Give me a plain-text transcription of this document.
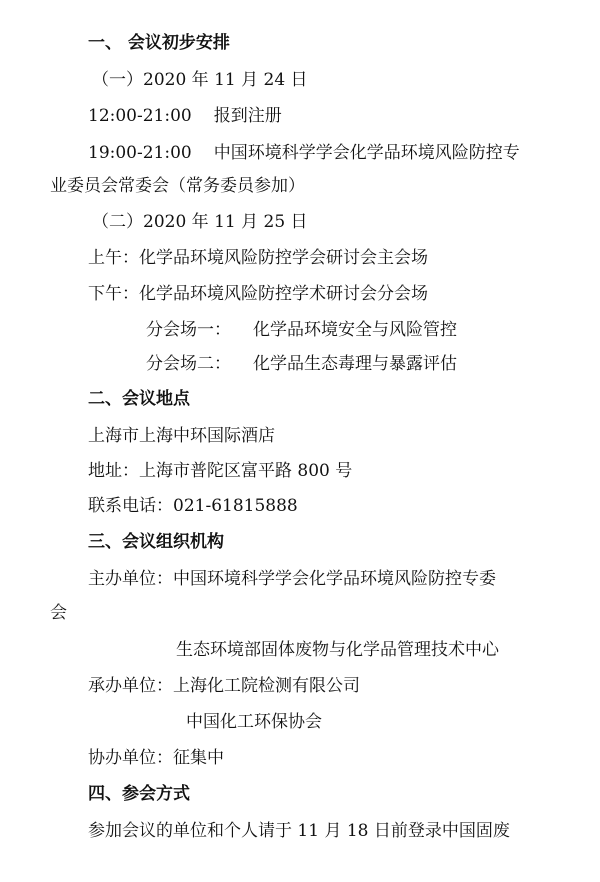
一、 会议初步安排
（一）2020 年 11 月 24 日
12:00-21:00 报到注册
19:00-21:00 中国环境科学学会化学品环境风险防控专
业委员会常委会（常务委员参加）
（二）2020 年 11 月 25 日
上午：化学品环境风险防控学会研讨会主会场
下午：化学品环境风险防控学术研讨会分会场
分会场一： 化学品环境安全与风险管控
分会场二： 化学品生态毒理与暴露评估
二、会议地点
上海市上海中环国际酒店
地址：上海市普陀区富平路 800 号
联系电话：021-61815888
三、会议组织机构
主办单位：中国环境科学学会化学品环境风险防控专委
会
生态环境部固体废物与化学品管理技术中心
承办单位：上海化工院检测有限公司
中国化工环保协会
协办单位：征集中
四、参会方式
参加会议的单位和个人请于 11 月 18 日前登录中国固废
